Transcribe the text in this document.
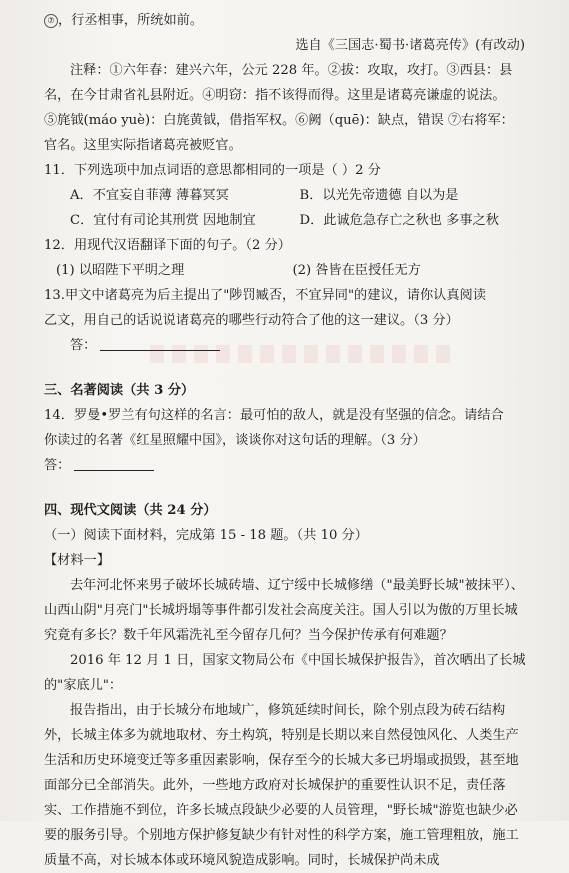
⑦ ，行丞相事，所统如前。
选自《三国志·蜀书·诸葛亮传》(有改动)
注释：①六年春：建兴六年，公元 228 年。②拔：攻取，攻打。③西县：县
名，在今甘肃省礼县附近。④明窃：指不该得而得。这里是诸葛亮谦虚的说法。
⑤旄钺(máo yuè)：白旄黄钺，借指军权。⑥阙（quē)：缺点，错误 ⑦右将军：
官名。这里实际指诸葛亮被贬官。
11．下列选项中加点词语的意思都相同的一项是（ ）2 分
A．不宜妄自菲薄 薄暮冥冥	B．以光先帝遗德 自以为是
C．宜付有司论其刑赏 因地制宜	D．此诚危急存亡之秋也 多事之秋
12．用现代汉语翻译下面的句子。（2 分）
(1) 以昭陛下平明之理	(2) 咎皆在臣授任无方
13.甲文中诸葛亮为后主提出了"陟罚臧否，不宜异同"的建议，请你认真阅读
乙文，用自己的话说说诸葛亮的哪些行动符合了他的这一建议。（3 分）
答：
三、名著阅读（共 3 分）
14．罗曼•罗兰有句这样的名言：最可怕的敌人，就是没有坚强的信念。请结合
你读过的名著《红星照耀中国》，谈谈你对这句话的理解。（3 分）
答：
四、现代文阅读（共 24 分）
（一）阅读下面材料，完成第 15 - 18 题。（共 10 分）
【材料一】
去年河北怀来男子破坏长城砖墙、辽宁绥中长城修缮（"最美野长城"被抹平）、山西山阴"月亮门"长城坍塌等事件都引发社会高度关注。国人引以为傲的万里长城究竟有多长？数千年风霜洗礼至今留存几何？当今保护传承有何难题？
2016 年 12 月 1 日，国家文物局公布《中国长城保护报告》，首次晒出了长城的"家底儿"：
报告指出，由于长城分布地域广，修筑延续时间长，除个别点段为砖石结构外，长城主体多为就地取材、夯土构筑，特别是长期以来自然侵蚀风化、人类生产生活和历史环境变迁等多重因素影响，保存至今的长城大多已坍塌或损毁，甚至地面部分已全部消失。此外，一些地方政府对长城保护的重要性认识不足，责任落实、工作措施不到位，许多长城点段缺少必要的人员管理，"野长城"游览也缺少必要的服务引导。个别地方保护修复缺少有针对性的科学方案，施工管理粗放，施工质量不高，对长城本体或环境风貌造成影响。同时，长城保护尚未成
